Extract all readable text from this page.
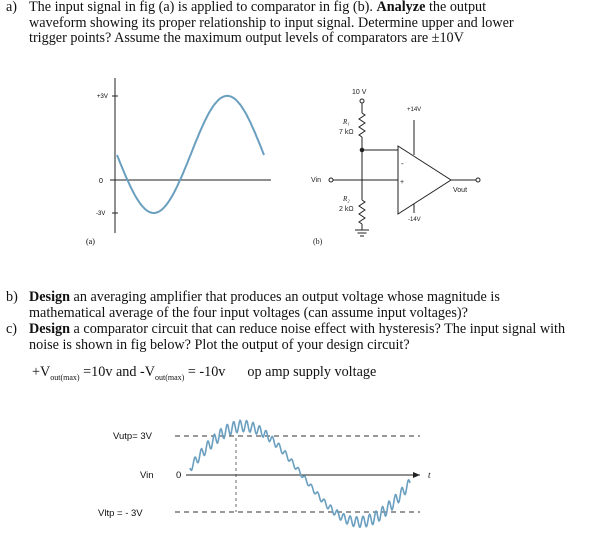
a) The input signal in fig (a) is applied to comparator in fig (b). Analyze the output
waveform showing its proper relationship to input signal. Determine upper and lower
trigger points? Assume the maximum output levels of comparators are ±10V
+3V
0
-3V
(a)
10 V
R₁
7 kΩ
R₂
2 kΩ
Vin
-
+
+14V
-14V
Vout
(b)
b) Design an averaging amplifier that produces an output voltage whose magnitude is
mathematical average of the four input voltages (can assume input voltages)?
c) Design a comparator circuit that can reduce noise effect with hysteresis? The input signal with
noise is shown in fig below? Plot the output of your design circuit?
$+V_{out(max)} =10v$ and $-V_{out(max)} = -10v$ op amp supply voltage
Vutp= 3V
Vin 0	t
Vltp = - 3V
